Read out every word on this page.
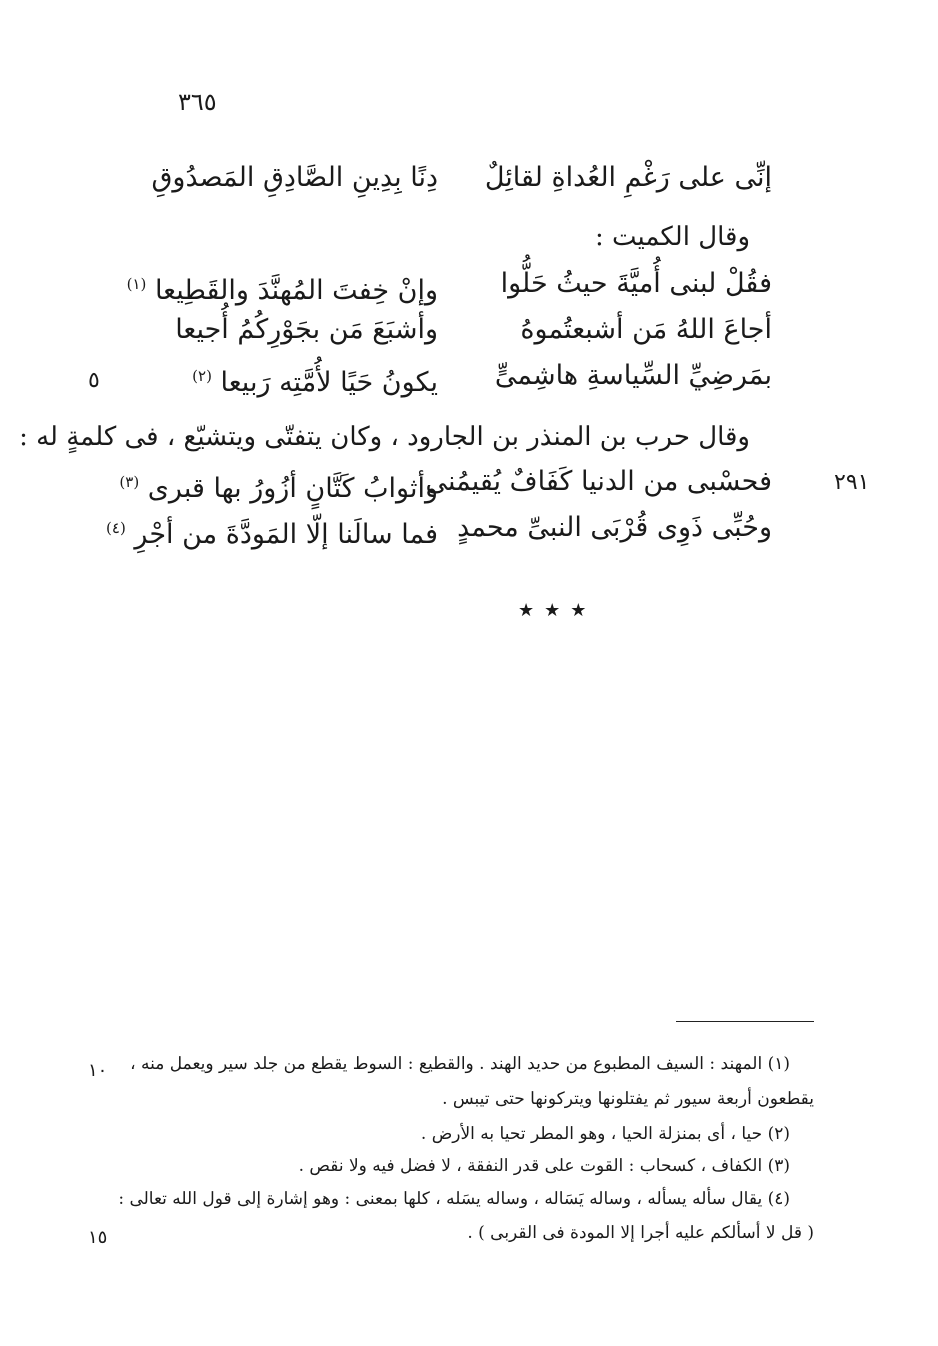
٣٦٥
إنِّى على رَغْمِ العُداةِ لقائِلٌ
دِنًا بِدِينِ الصَّادِقِ المَصدُوقِ
وقال الكميت :
فقُلْ لبنى أُميَّةَ حيثُ حَلُّوا
وإنْ خِفتَ المُهنَّدَ والقَطِيعا $^{(١)}$
أجاعَ اللهُ مَن أشبعتُموهُ
وأشبَعَ مَن بجَوْرِكُمُ أُجيعا
بمَرضِيِّ السِّياسةِ هاشِمىٍّ
يكونُ حَيًا لأُمَّتِه رَبيعا $^{(٢)}$
٥
وقال حرب بن المنذر بن الجارود ، وكان يتفتّى ويتشيّع ، فى كلمةٍ له :
فحسْبى من الدنيا كَفَافٌ يُقيمُنى
وأثوابُ كَتَّانٍ أزُورُ بها قبرى $^{(٣)}$	٢٩١
وحُبِّى ذَوِى قُرْبَى النبىِّ محمدٍ
فما سالَنا إلّا المَودَّةَ من أجْرِ $^{(٤)}$
★★★
(١) المهند : السيف المطبوع من حديد الهند . والقطيع : السوط يقطع من جلد سير ويعمل منه ،
١٠
يقطعون أربعة سيور ثم يفتلونها ويتركونها حتى تيبس .
(٢) حيا ، أى بمنزلة الحيا ، وهو المطر تحيا به الأرض .
(٣) الكفاف ، كسحاب : القوت على قدر النفقة ، لا فضل فيه ولا نقص .
(٤) يقال سأله يسأله ، وساله يَسَاله ، وساله يسَله ، كلها بمعنى : وهو إشارة إلى قول الله تعالى :
( قل لا أسألكم عليه أجرا إلا المودة فى القربى ) .
١٥
